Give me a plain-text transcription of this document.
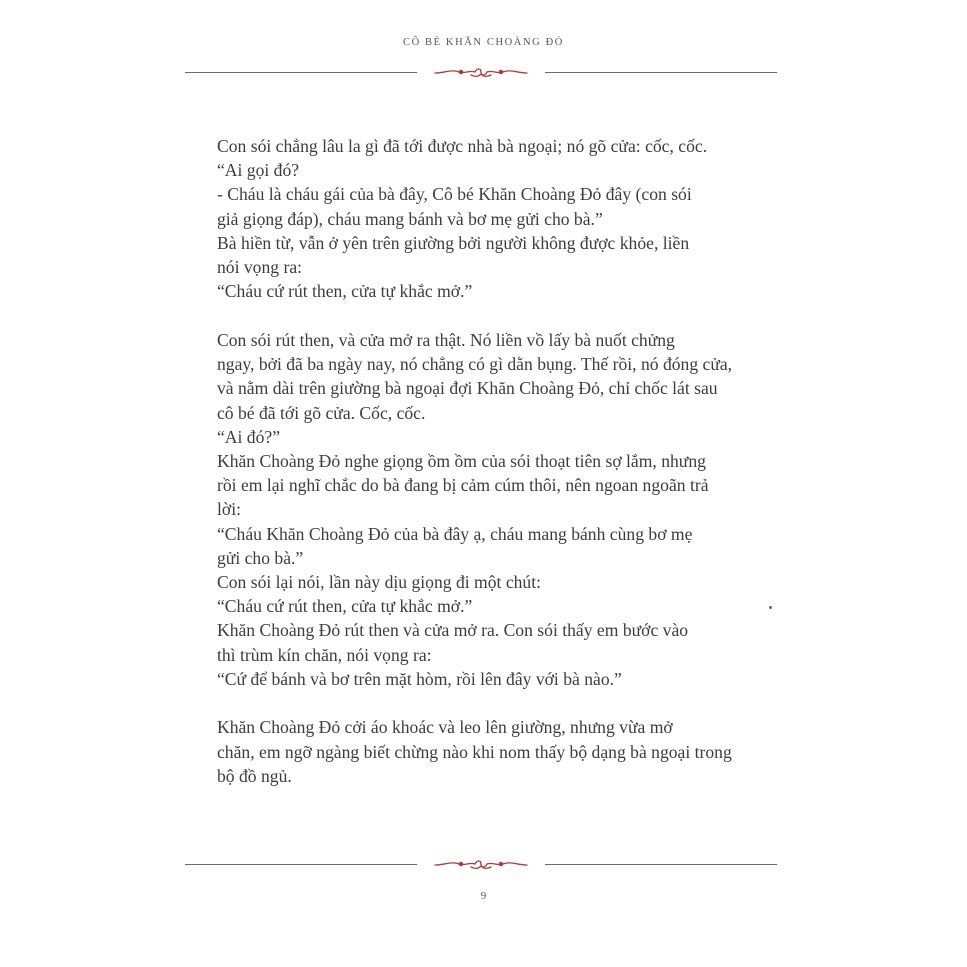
CÔ BÉ KHĂN CHOÀNG ĐỎ

Con sói chẳng lâu la gì đã tới được nhà bà ngoại; nó gõ cửa: cốc, cốc.

“Ai gọi đó?

- Cháu là cháu gái của bà đây, Cô bé Khăn Choàng Đỏ đây (con sói

giả giọng đáp), cháu mang bánh và bơ mẹ gửi cho bà.”

Bà hiền từ, vẫn ở yên trên giường bởi người không được khỏe, liền

nói vọng ra:

“Cháu cứ rút then, cửa tự khắc mở.”

Con sói rút then, và cửa mở ra thật. Nó liền vồ lấy bà nuốt chửng

ngay, bởi đã ba ngày nay, nó chẳng có gì dằn bụng. Thế rồi, nó đóng cửa,

và nằm dài trên giường bà ngoại đợi Khăn Choàng Đỏ, chỉ chốc lát sau

cô bé đã tới gõ cửa. Cốc, cốc.

“Ai đó?”

Khăn Choàng Đỏ nghe giọng ồm ồm của sói thoạt tiên sợ lắm, nhưng

rồi em lại nghĩ chắc do bà đang bị cảm cúm thôi, nên ngoan ngoãn trả

lời:

“Cháu Khăn Choàng Đỏ của bà đây ạ, cháu mang bánh cùng bơ mẹ

gửi cho bà.”

Con sói lại nói, lần này dịu giọng đi một chút:

“Cháu cứ rút then, cửa tự khắc mở.”

Khăn Choàng Đỏ rút then và cửa mở ra. Con sói thấy em bước vào

thì trùm kín chăn, nói vọng ra:

“Cứ để bánh và bơ trên mặt hòm, rồi lên đây với bà nào.”

Khăn Choàng Đỏ cởi áo khoác và leo lên giường, nhưng vừa mở

chăn, em ngỡ ngàng biết chừng nào khi nom thấy bộ dạng bà ngoại trong

bộ đồ ngủ.

9
